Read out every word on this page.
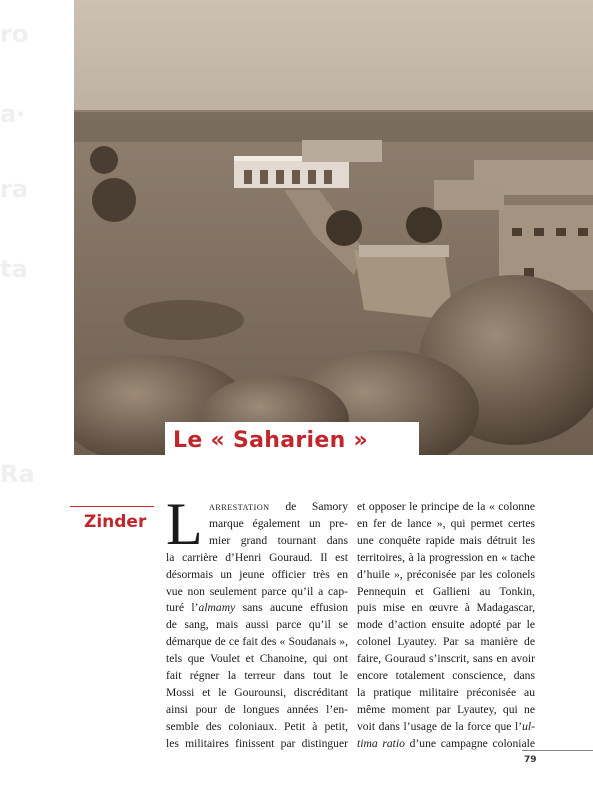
ro
a·
ra
ta
Ra
Le « Saharien »
Zinder L arrestation de Samory
marque également un pre-
mier grand tournant dans
la carrière d’Henri Gouraud. Il est
désormais un jeune officier très en
vue non seulement parce qu’il a cap-
turé l’almamy sans aucune effusion
de sang, mais aussi parce qu’il se
démarque de ce fait des « Soudanais »,
tels que Voulet et Chanoine, qui ont
fait régner la terreur dans tout le
Mossi et le Gourounsi, discréditant
ainsi pour de longues années l’en-
semble des coloniaux. Petit à petit,
les militaires finissent par distinguer
et opposer le principe de la « colonne
en fer de lance », qui permet certes
une conquête rapide mais détruit les
territoires, à la progression en « tache
d’huile », préconisée par les colonels
Pennequin et Gallieni au Tonkin,
puis mise en œuvre à Madagascar,
mode d’action ensuite adopté par le
colonel Lyautey. Par sa manière de
faire, Gouraud s’inscrit, sans en avoir
encore totalement conscience, dans
la pratique militaire préconisée au
même moment par Lyautey, qui ne
voit dans l’usage de la force que l’ul-
tima ratio d’une campagne coloniale
79
